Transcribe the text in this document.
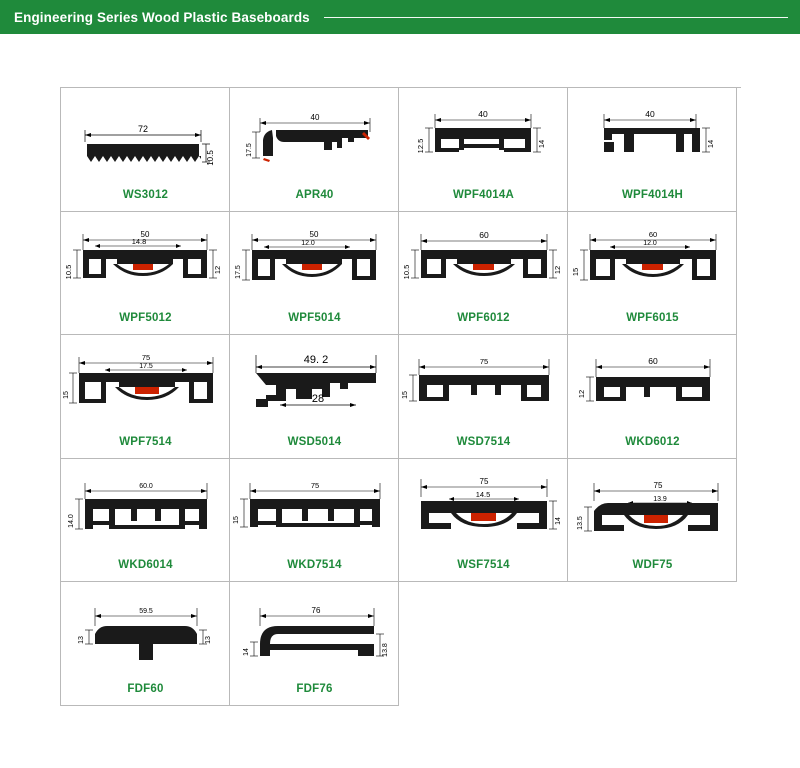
Engineering Series Wood Plastic Baseboards
72
10.5
WS3012
40
17.5
APR40
40
12.5	14
WPF4014A
40
14
WPF4014H
50
14.8
10.5	12
WPF5012
50
12.0
17.5
WPF5014
60
10.5	12
WPF6012
60
12.0
15
WPF6015
75
17.5
15
WPF7514
49. 2
28
WSD5014
75
15
WSD7514
60
12
WKD6012
60.0
14.0
WKD6014
75
15
WKD7514
75
14.5
14
WSF7514
75
13.9
13.5
WDF75
59.5
13	13
FDF60
76
14	13.8
FDF76
